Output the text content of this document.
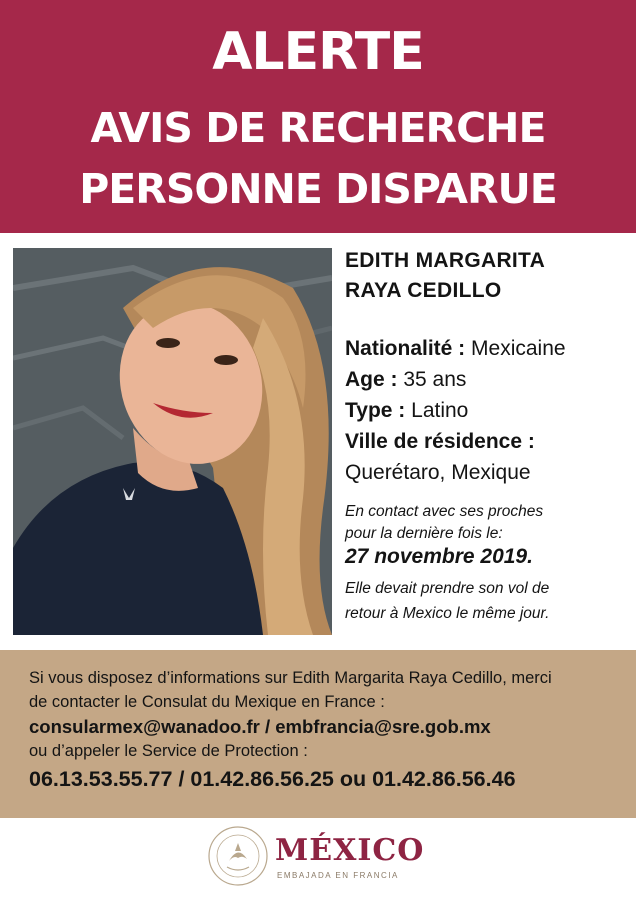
ALERTE
AVIS DE RECHERCHE
PERSONNE DISPARUE
EDITH MARGARITA
RAYA CEDILLO
Nationalité : Mexicaine
Age : 35 ans
Type : Latino
Ville de résidence :
Querétaro, Mexique
En contact avec ses proches
pour la dernière fois le:
27 novembre 2019.
Elle devait prendre son vol de
retour à Mexico le même jour.
Si vous disposez d’informations sur Edith Margarita Raya Cedillo, merci
de contacter le Consulat du Mexique en France :
consularmex@wanadoo.fr / embfrancia@sre.gob.mx
ou d’appeler le Service de Protection :
06.13.53.55.77 / 01.42.86.56.25 ou 01.42.86.56.46
MÉXICO
EMBAJADA EN FRANCIA
